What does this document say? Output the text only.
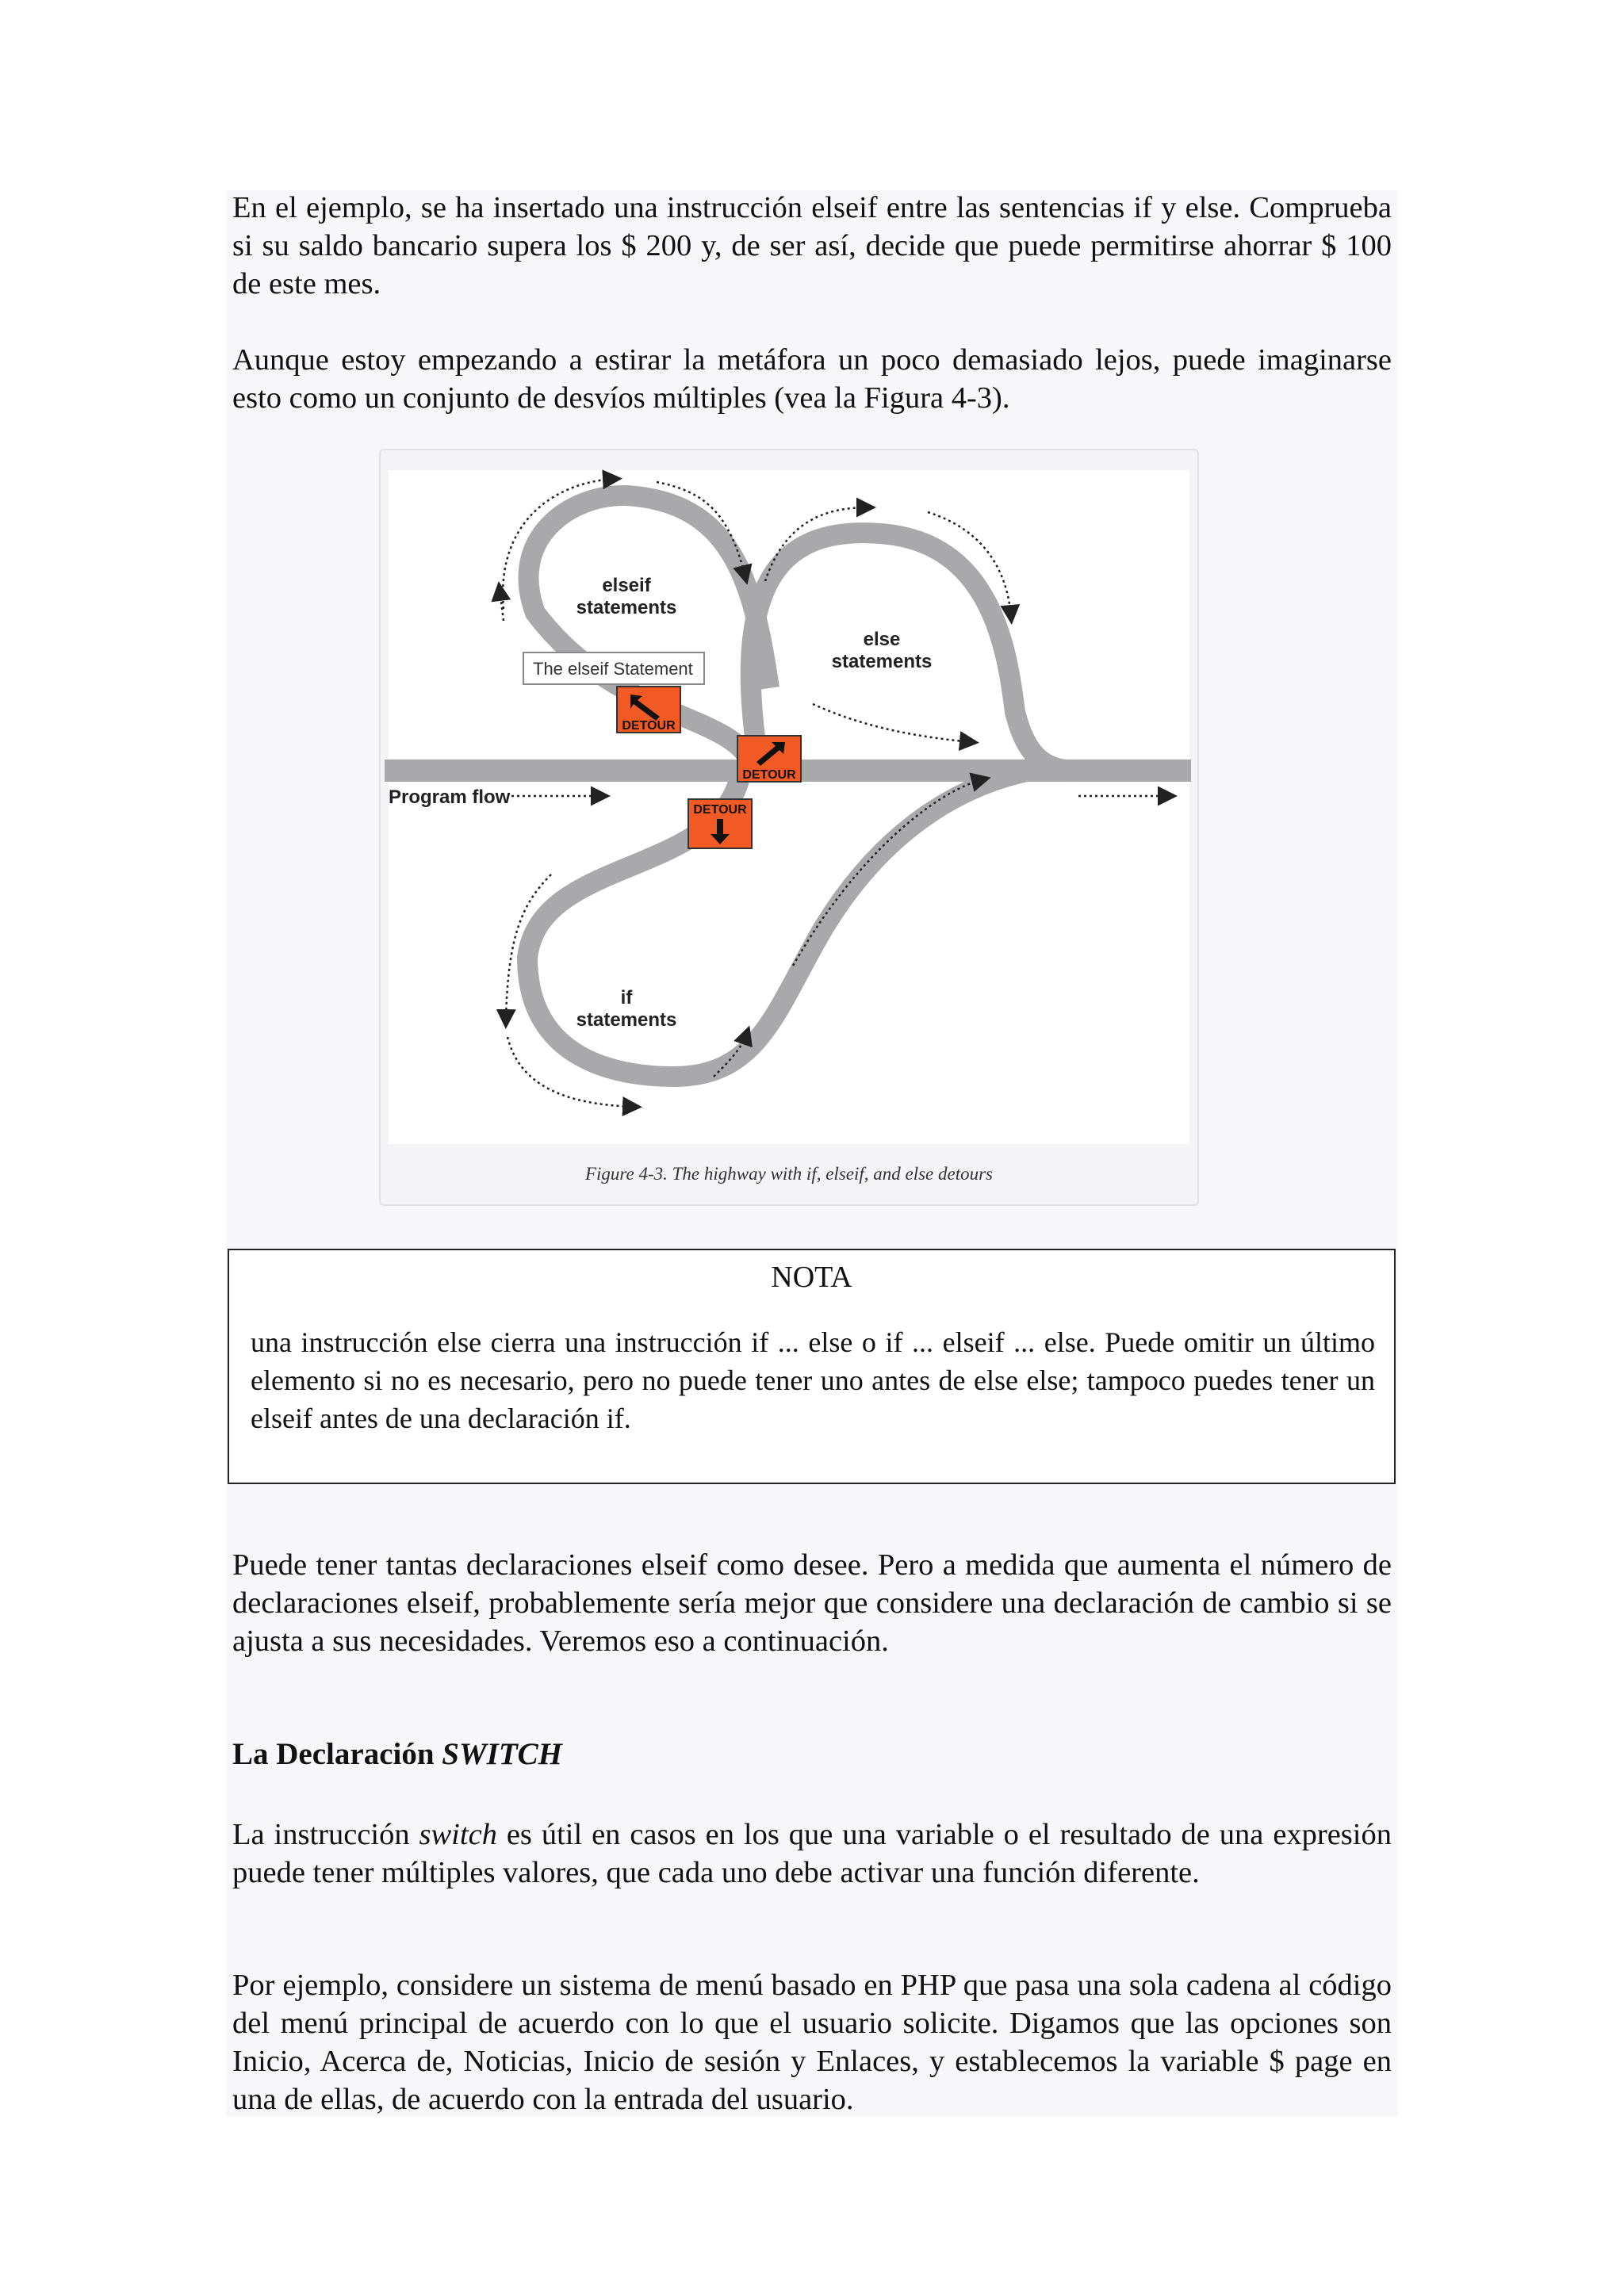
En el ejemplo, se ha insertado una instrucción elseif entre las sentencias if y else. Comprueba si su saldo bancario supera los $ 200 y, de ser así, decide que puede permitirse ahorrar $ 100 de este mes.

Aunque estoy empezando a estirar la metáfora un poco demasiado lejos, puede imaginarse esto como un conjunto de desvíos múltiples (vea la Figura 4-3).

elseif
statements
else
statements
if
statements
Program flow
The elseif Statement
DETOUR
DETOUR
DETOUR
Figure 4-3. The highway with if, elseif, and else detours

NOTA

una instrucción else cierra una instrucción if ... else o if ... elseif ... else. Puede omitir un último elemento si no es necesario, pero no puede tener uno antes de else else; tampoco puedes tener un elseif antes de una declaración if.

Puede tener tantas declaraciones elseif como desee. Pero a medida que aumenta el número de declaraciones elseif, probablemente sería mejor que considere una declaración de cambio si se ajusta a sus necesidades. Veremos eso a continuación.

La Declaración SWITCH

La instrucción switch es útil en casos en los que una variable o el resultado de una expresión puede tener múltiples valores, que cada uno debe activar una función diferente.

Por ejemplo, considere un sistema de menú basado en PHP que pasa una sola cadena al código del menú principal de acuerdo con lo que el usuario solicite. Digamos que las opciones son Inicio, Acerca de, Noticias, Inicio de sesión y Enlaces, y establecemos la variable $ page en una de ellas, de acuerdo con la entrada del usuario.
